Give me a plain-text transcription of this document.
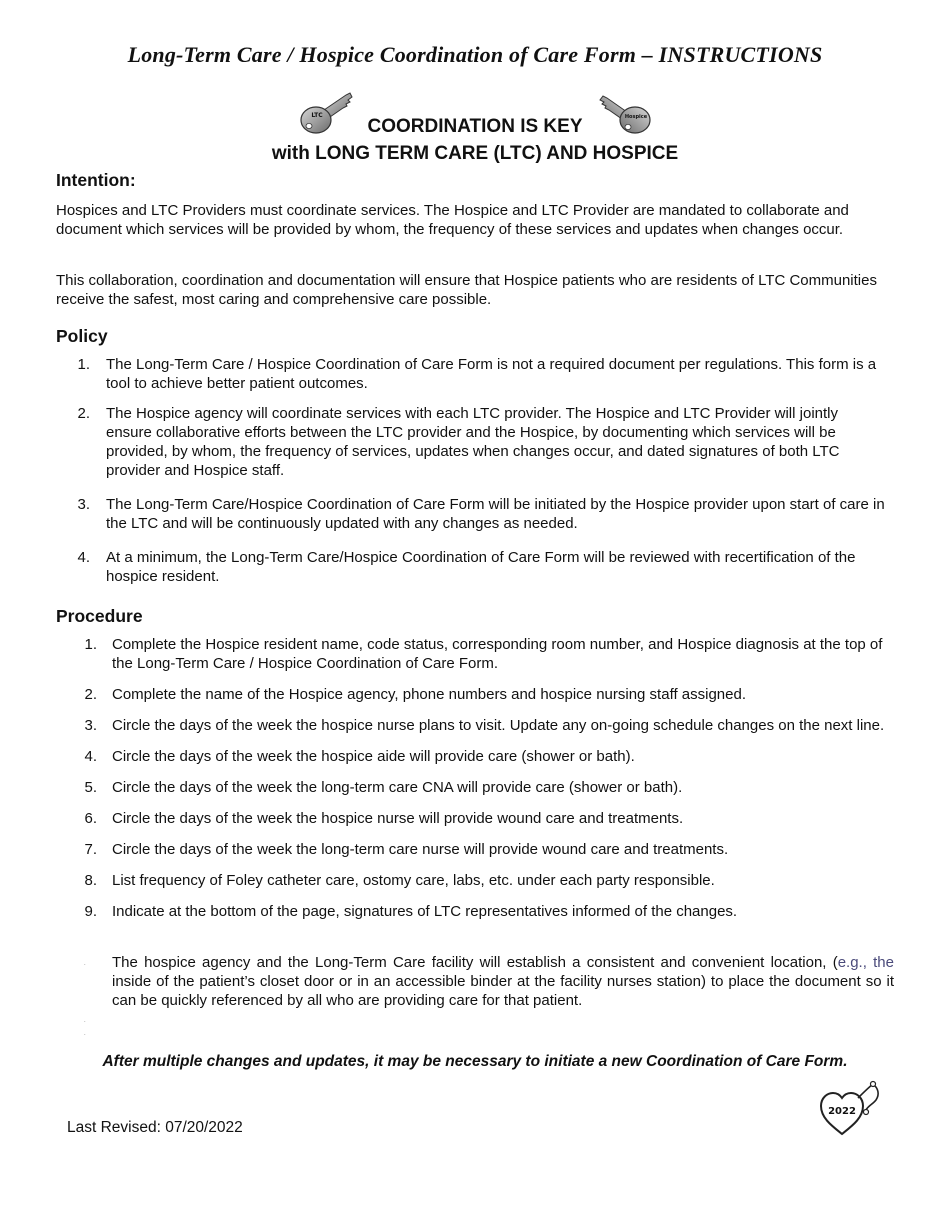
Long-Term Care / Hospice Coordination of Care Form – INSTRUCTIONS
LTC	Hospice
COORDINATION IS KEY
with LONG TERM CARE (LTC) AND HOSPICE
Intention:
Hospices and LTC Providers must coordinate services. The Hospice and LTC Provider are mandated to collaborate and document which services will be provided by whom, the frequency of these services and updates when changes occur.
This collaboration, coordination and documentation will ensure that Hospice patients who are residents of LTC Communities receive the safest, most caring and comprehensive care possible.
Policy
1. The Long-Term Care / Hospice Coordination of Care Form is not a required document per regulations. This form is a tool to achieve better patient outcomes.
2. The Hospice agency will coordinate services with each LTC provider. The Hospice and LTC Provider will jointly ensure collaborative efforts between the LTC provider and the Hospice, by documenting which services will be provided, by whom, the frequency of services, updates when changes occur, and dated signatures of both LTC provider and Hospice staff.
3. The Long-Term Care/Hospice Coordination of Care Form will be initiated by the Hospice provider upon start of care in the LTC and will be continuously updated with any changes as needed.
4. At a minimum, the Long-Term Care/Hospice Coordination of Care Form will be reviewed with recertification of the hospice resident.
Procedure
1. Complete the Hospice resident name, code status, corresponding room number, and Hospice diagnosis at the top of the Long-Term Care / Hospice Coordination of Care Form.
2. Complete the name of the Hospice agency, phone numbers and hospice nursing staff assigned.
3. Circle the days of the week the hospice nurse plans to visit. Update any on-going schedule changes on the next line.
4. Circle the days of the week the hospice aide will provide care (shower or bath).
5. Circle the days of the week the long-term care CNA will provide care (shower or bath).
6. Circle the days of the week the hospice nurse will provide wound care and treatments.
7. Circle the days of the week the long-term care nurse will provide wound care and treatments.
8. List frequency of Foley catheter care, ostomy care, labs, etc. under each party responsible.
9. Indicate at the bottom of the page, signatures of LTC representatives informed of the changes.
. The hospice agency and the Long-Term Care facility will establish a consistent and convenient location, (e.g., the inside of the patient’s closet door or in an accessible binder at the facility nurses station) to place the document so it can be quickly referenced by all who are providing care for that patient.
.
.
After multiple changes and updates, it may be necessary to initiate a new Coordination of Care Form.
Last Revised: 07/20/2022
2022
